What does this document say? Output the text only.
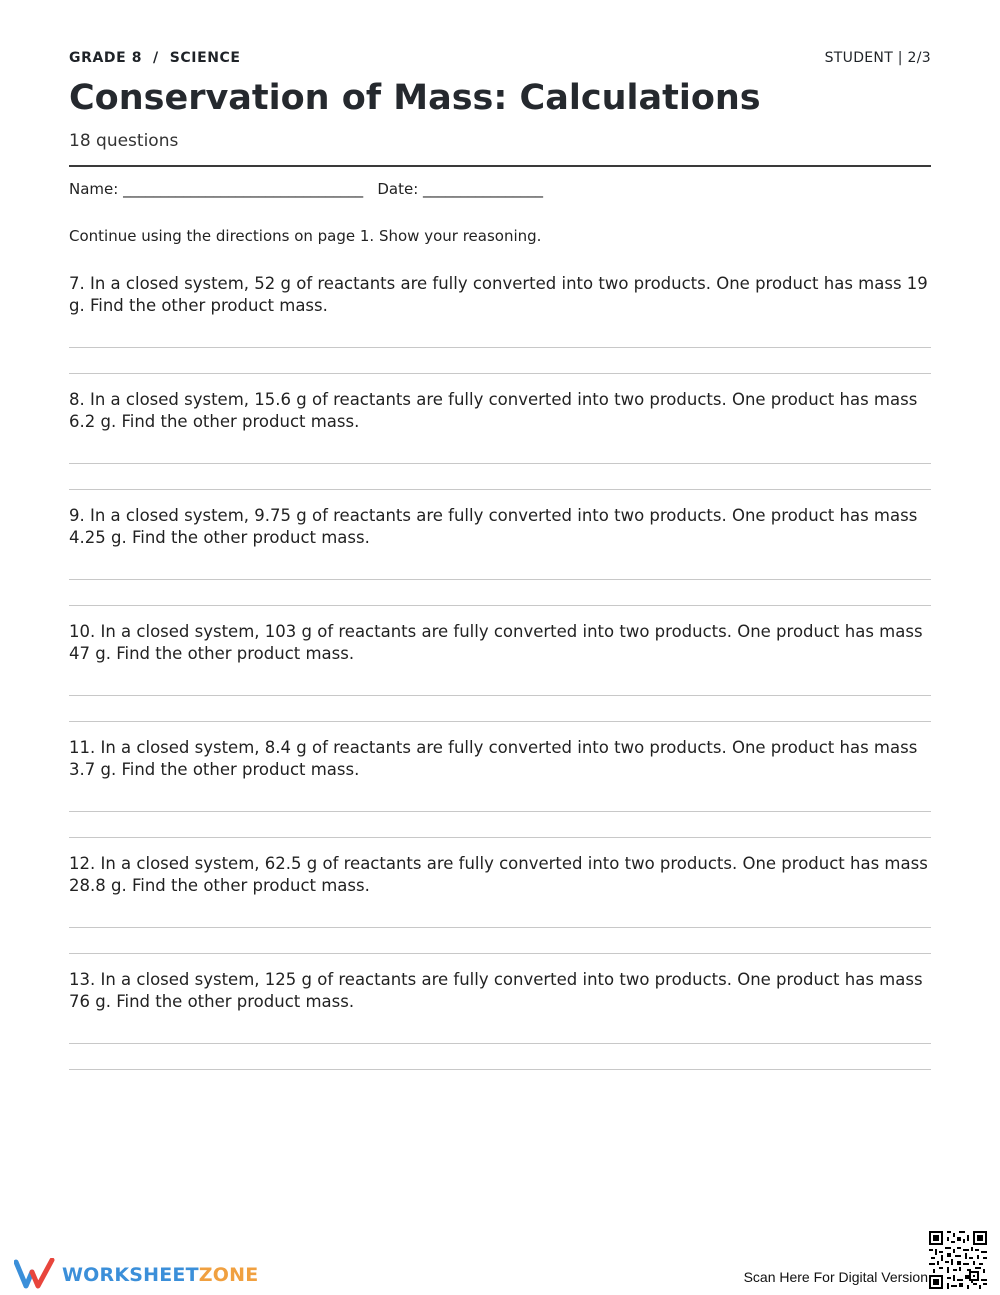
GRADE 8  /  SCIENCE	STUDENT | 2/3
Conservation of Mass: Calculations
18 questions
Name: ________________________________   Date: ________________
Continue using the directions on page 1. Show your reasoning.
7. In a closed system, 52 g of reactants are fully converted into two products. One product has mass 19 g. Find the other product mass.
8. In a closed system, 15.6 g of reactants are fully converted into two products. One product has mass 6.2 g. Find the other product mass.
9. In a closed system, 9.75 g of reactants are fully converted into two products. One product has mass 4.25 g. Find the other product mass.
10. In a closed system, 103 g of reactants are fully converted into two products. One product has mass 47 g. Find the other product mass.
11. In a closed system, 8.4 g of reactants are fully converted into two products. One product has mass 3.7 g. Find the other product mass.
12. In a closed system, 62.5 g of reactants are fully converted into two products. One product has mass 28.8 g. Find the other product mass.
13. In a closed system, 125 g of reactants are fully converted into two products. One product has mass 76 g. Find the other product mass.
WORKSHEETZONE	Scan Here For Digital Version
